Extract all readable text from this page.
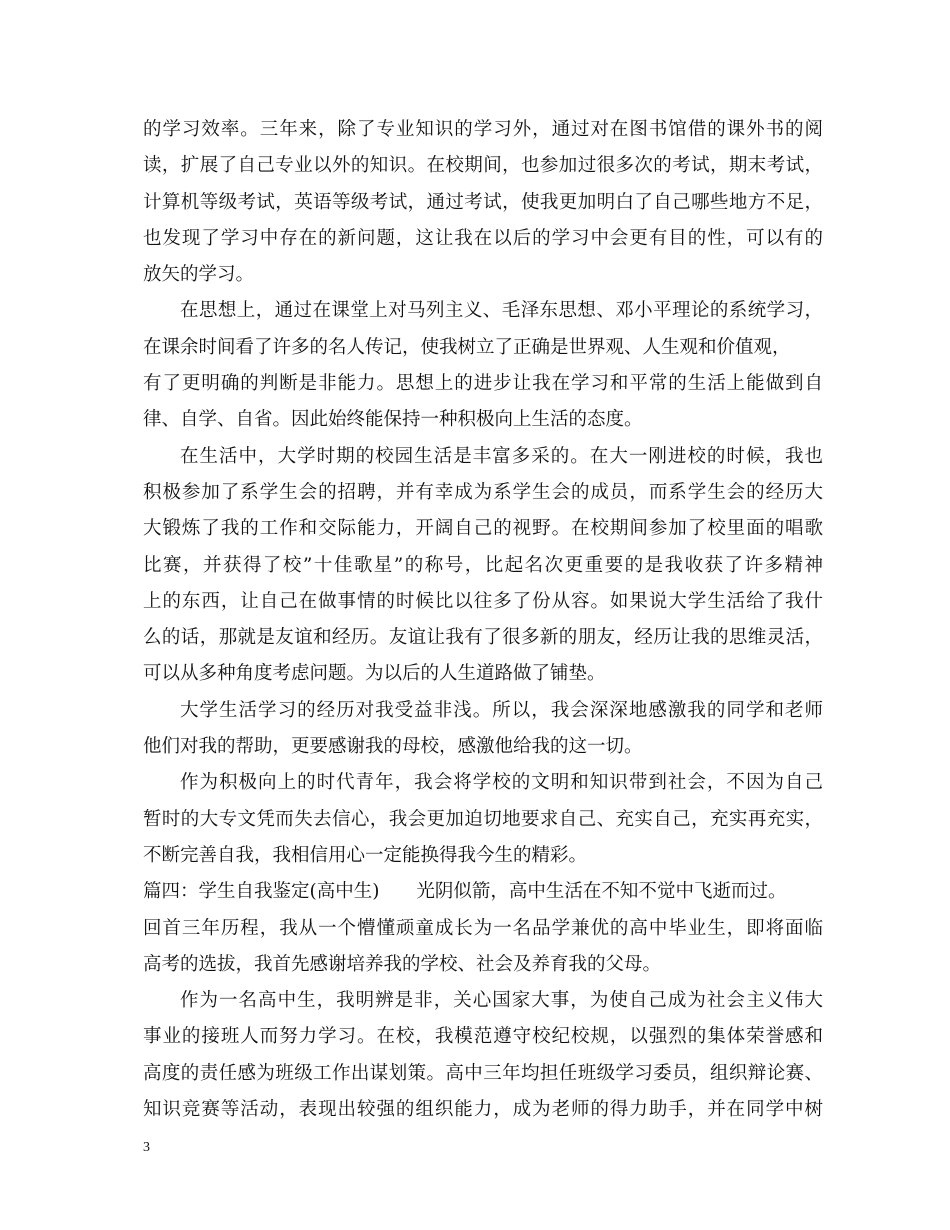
的学习效率。三年来，除了专业知识的学习外，通过对在图书馆借的课外书的阅
读，扩展了自己专业以外的知识。在校期间，也参加过很多次的考试，期末考试，
计算机等级考试，英语等级考试，通过考试，使我更加明白了自己哪些地方不足，
也发现了学习中存在的新问题，这让我在以后的学习中会更有目的性，可以有的
放矢的学习。
在思想上，通过在课堂上对马列主义、毛泽东思想、邓小平理论的系统学习，
在课余时间看了许多的名人传记，使我树立了正确是世界观、人生观和价值观，
有了更明确的判断是非能力。思想上的进步让我在学习和平常的生活上能做到自
律、自学、自省。因此始终能保持一种积极向上生活的态度。
在生活中，大学时期的校园生活是丰富多采的。在大一刚进校的时候，我也
积极参加了系学生会的招聘，并有幸成为系学生会的成员，而系学生会的经历大
大锻炼了我的工作和交际能力，开阔自己的视野。在校期间参加了校里面的唱歌
比赛，并获得了校”十佳歌星”的称号，比起名次更重要的是我收获了许多精神
上的东西，让自己在做事情的时候比以往多了份从容。如果说大学生活给了我什
么的话，那就是友谊和经历。友谊让我有了很多新的朋友，经历让我的思维灵活，
可以从多种角度考虑问题。为以后的人生道路做了铺垫。
大学生活学习的经历对我受益非浅。所以，我会深深地感激我的同学和老师
他们对我的帮助，更要感谢我的母校，感激他给我的这一切。
作为积极向上的时代青年，我会将学校的文明和知识带到社会，不因为自己
暂时的大专文凭而失去信心，我会更加迫切地要求自己、充实自己，充实再充实，
不断完善自我，我相信用心一定能换得我今生的精彩。
篇四：学生自我鉴定(高中生)　　光阴似箭，高中生活在不知不觉中飞逝而过。
回首三年历程，我从一个懵懂顽童成长为一名品学兼优的高中毕业生，即将面临
高考的选拔，我首先感谢培养我的学校、社会及养育我的父母。
作为一名高中生，我明辨是非，关心国家大事，为使自己成为社会主义伟大
事业的接班人而努力学习。在校，我模范遵守校纪校规，以强烈的集体荣誉感和
高度的责任感为班级工作出谋划策。高中三年均担任班级学习委员，组织辩论赛、
知识竞赛等活动，表现出较强的组织能力，成为老师的得力助手，并在同学中树
3
